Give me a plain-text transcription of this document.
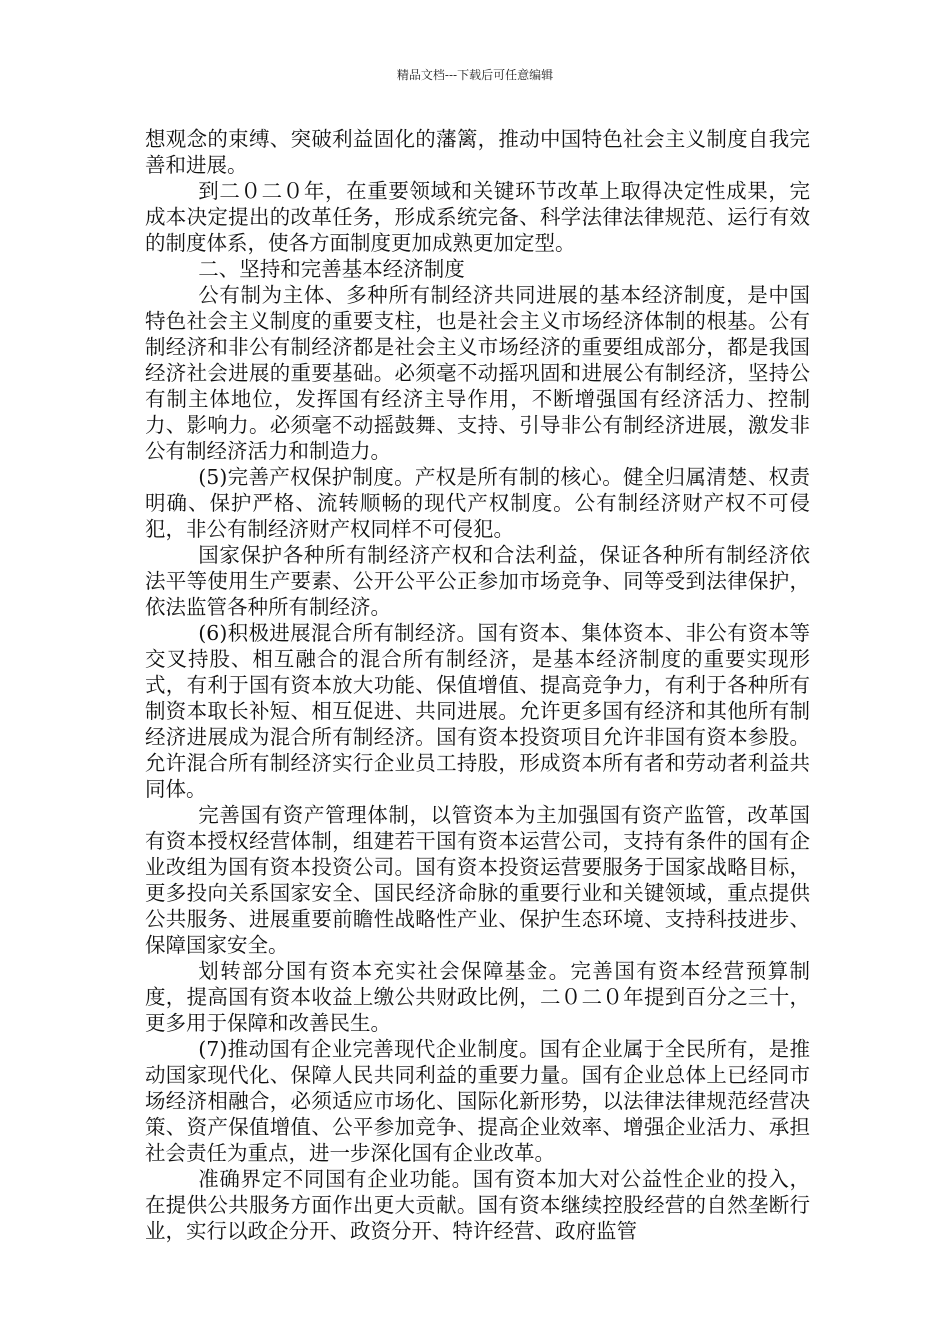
精品文档---下载后可任意编辑

想观念的束缚、突破利益固化的藩篱，推动中国特色社会主义制度自我完善和进展。

到二０二０年，在重要领域和关键环节改革上取得决定性成果，完成本决定提出的改革任务，形成系统完备、科学法律法律规范、运行有效的制度体系，使各方面制度更加成熟更加定型。

二、坚持和完善基本经济制度

公有制为主体、多种所有制经济共同进展的基本经济制度，是中国特色社会主义制度的重要支柱，也是社会主义市场经济体制的根基。公有制经济和非公有制经济都是社会主义市场经济的重要组成部分，都是我国经济社会进展的重要基础。必须毫不动摇巩固和进展公有制经济，坚持公有制主体地位，发挥国有经济主导作用，不断增强国有经济活力、控制力、影响力。必须毫不动摇鼓舞、支持、引导非公有制经济进展，激发非公有制经济活力和制造力。

(5)完善产权保护制度。产权是所有制的核心。健全归属清楚、权责明确、保护严格、流转顺畅的现代产权制度。公有制经济财产权不可侵犯，非公有制经济财产权同样不可侵犯。

国家保护各种所有制经济产权和合法利益，保证各种所有制经济依法平等使用生产要素、公开公平公正参加市场竞争、同等受到法律保护，依法监管各种所有制经济。

(6)积极进展混合所有制经济。国有资本、集体资本、非公有资本等交叉持股、相互融合的混合所有制经济，是基本经济制度的重要实现形式，有利于国有资本放大功能、保值增值、提高竞争力，有利于各种所有制资本取长补短、相互促进、共同进展。允许更多国有经济和其他所有制经济进展成为混合所有制经济。国有资本投资项目允许非国有资本参股。允许混合所有制经济实行企业员工持股，形成资本所有者和劳动者利益共同体。

完善国有资产管理体制，以管资本为主加强国有资产监管，改革国有资本授权经营体制，组建若干国有资本运营公司，支持有条件的国有企业改组为国有资本投资公司。国有资本投资运营要服务于国家战略目标，更多投向关系国家安全、国民经济命脉的重要行业和关键领域，重点提供公共服务、进展重要前瞻性战略性产业、保护生态环境、支持科技进步、保障国家安全。

划转部分国有资本充实社会保障基金。完善国有资本经营预算制度，提高国有资本收益上缴公共财政比例，二０二０年提到百分之三十，更多用于保障和改善民生。

(7)推动国有企业完善现代企业制度。国有企业属于全民所有，是推动国家现代化、保障人民共同利益的重要力量。国有企业总体上已经同市场经济相融合，必须适应市场化、国际化新形势，以法律法律规范经营决策、资产保值增值、公平参加竞争、提高企业效率、增强企业活力、承担社会责任为重点，进一步深化国有企业改革。

准确界定不同国有企业功能。国有资本加大对公益性企业的投入，在提供公共服务方面作出更大贡献。国有资本继续控股经营的自然垄断行业，实行以政企分开、政资分开、特许经营、政府监管
